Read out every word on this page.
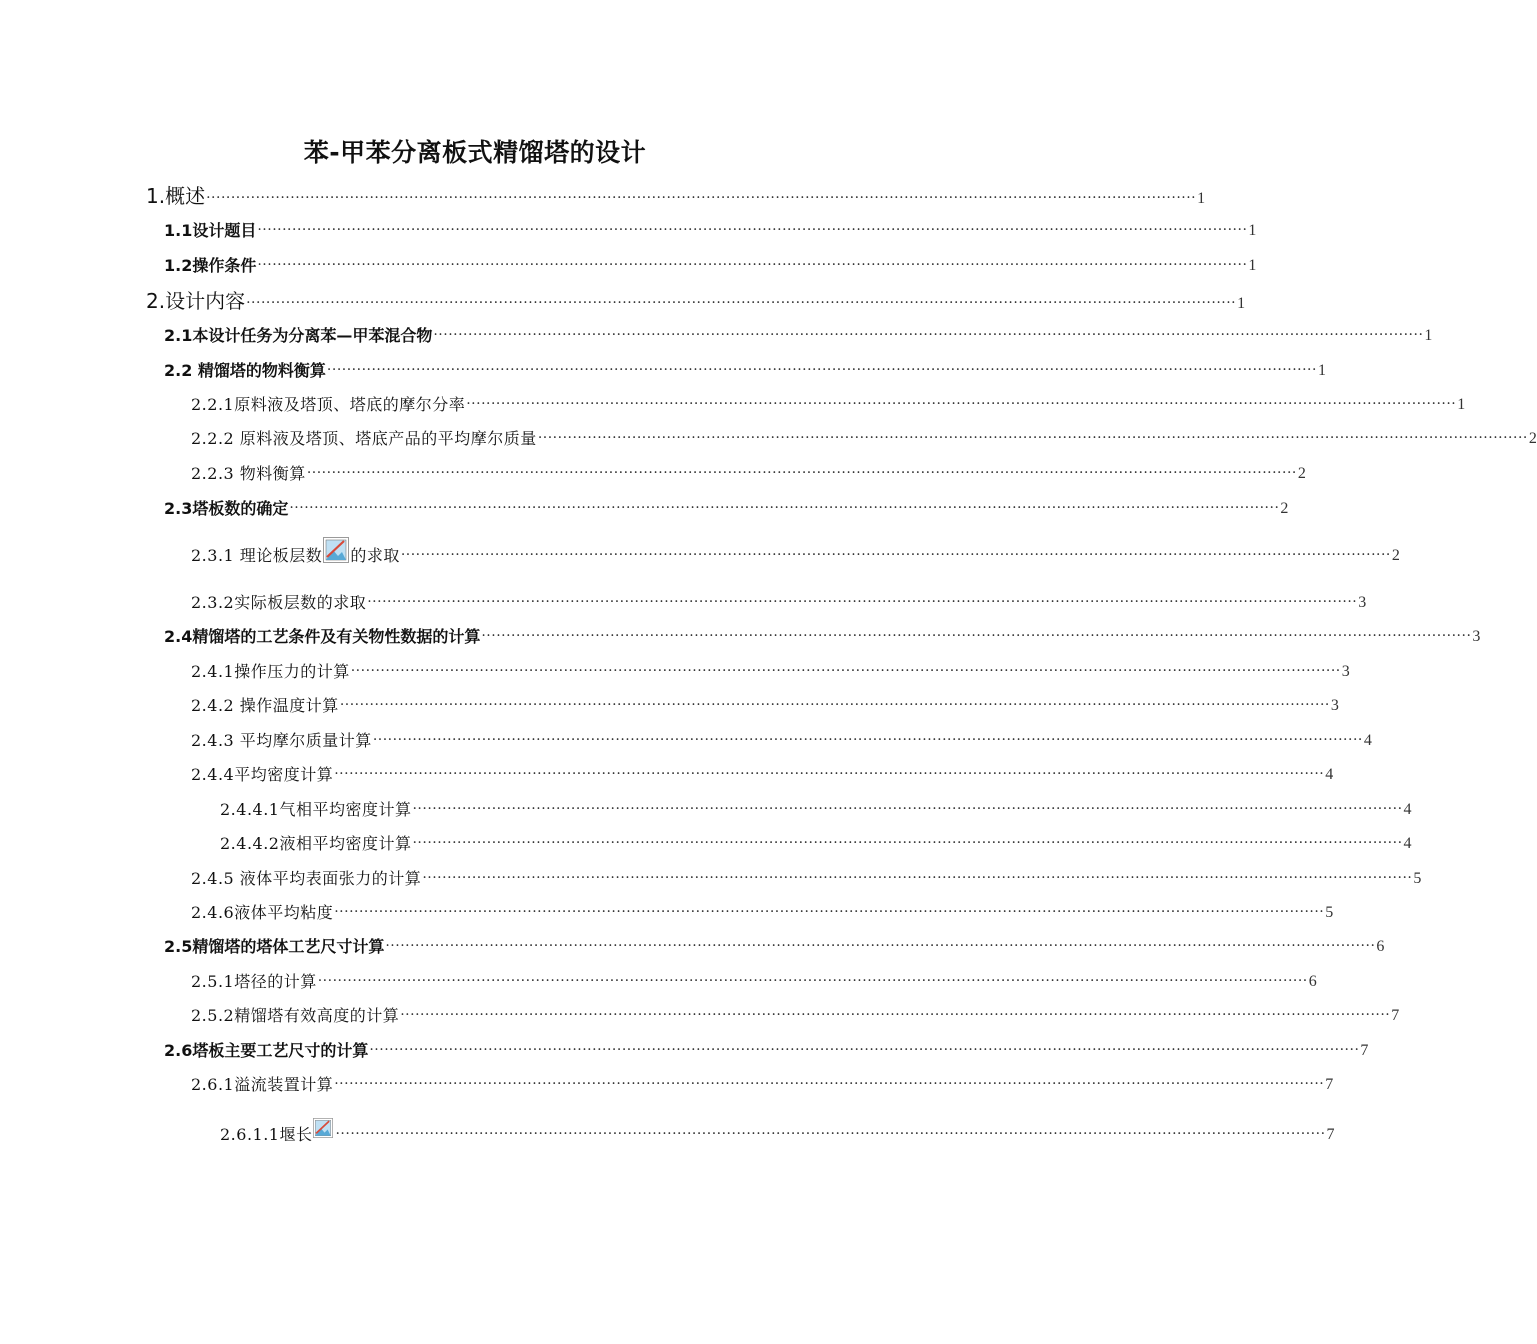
苯-甲苯分离板式精馏塔的设计
1.概述 ········································································································································································································ 1
1.1设计题目 ········································································································································································································ 1
1.2操作条件 ········································································································································································································ 1
2.设计内容 ········································································································································································································ 1
2.1本设计任务为分离苯—甲苯混合物 ········································································································································································································ 1
2.2 精馏塔的物料衡算 ········································································································································································································ 1
2.2.1原料液及塔顶、塔底的摩尔分率 ········································································································································································································ 1
2.2.2 原料液及塔顶、塔底产品的平均摩尔质量 ········································································································································································································ 2
2.2.3 物料衡算 ········································································································································································································ 2
2.3塔板数的确定 ········································································································································································································ 2
2.3.1 理论板层数 的求取 ········································································································································································································ 2
2.3.2实际板层数的求取 ········································································································································································································ 3
2.4精馏塔的工艺条件及有关物性数据的计算 ········································································································································································································ 3
2.4.1操作压力的计算 ········································································································································································································ 3
2.4.2 操作温度计算 ········································································································································································································ 3
2.4.3 平均摩尔质量计算 ········································································································································································································ 4
2.4.4平均密度计算 ········································································································································································································ 4
2.4.4.1气相平均密度计算 ········································································································································································································ 4
2.4.4.2液相平均密度计算 ········································································································································································································ 4
2.4.5 液体平均表面张力的计算 ········································································································································································································ 5
2.4.6液体平均粘度 ········································································································································································································ 5
2.5精馏塔的塔体工艺尺寸计算 ········································································································································································································ 6
2.5.1塔径的计算 ········································································································································································································ 6
2.5.2精馏塔有效高度的计算 ········································································································································································································ 7
2.6塔板主要工艺尺寸的计算 ········································································································································································································ 7
2.6.1溢流装置计算 ········································································································································································································ 7
2.6.1.1堰长	········································································································································································································ 7
